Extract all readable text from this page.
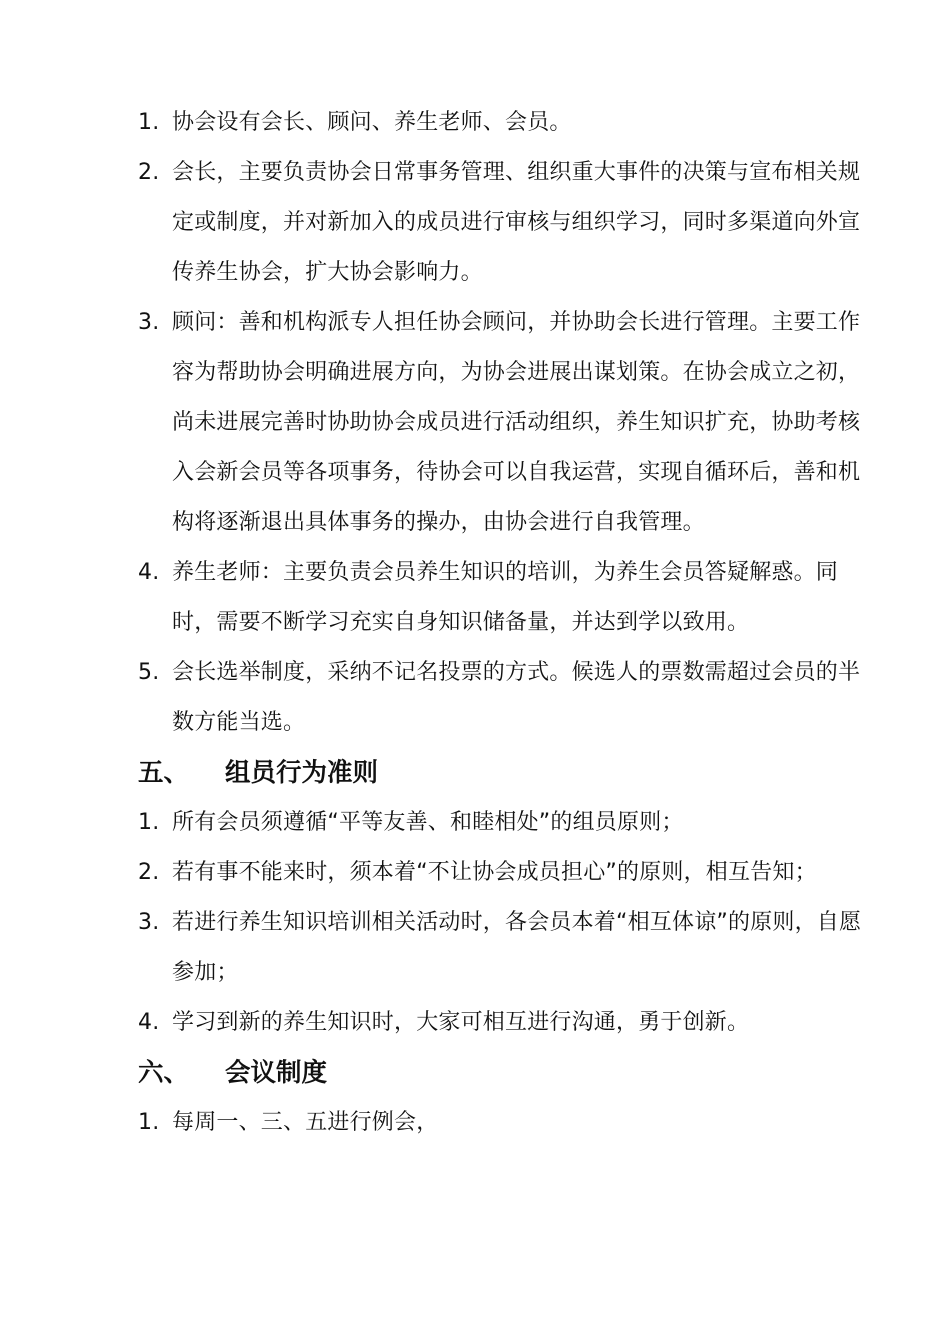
1. 协会设有会长、顾问、养生老师、会员。
2. 会长，主要负责协会日常事务管理、组织重大事件的决策与宣布相关规定或制度，并对新加入的成员进行审核与组织学习，同时多渠道向外宣传养生协会，扩大协会影响力。
3. 顾问：善和机构派专人担任协会顾问，并协助会长进行管理。主要工作容为帮助协会明确进展方向，为协会进展出谋划策。在协会成立之初，尚未进展完善时协助协会成员进行活动组织，养生知识扩充，协助考核入会新会员等各项事务，待协会可以自我运营，实现自循环后，善和机构将逐渐退出具体事务的操办，由协会进行自我管理。
4. 养生老师：主要负责会员养生知识的培训，为养生会员答疑解惑。同时，需要不断学习充实自身知识储备量，并达到学以致用。
5. 会长选举制度，采纳不记名投票的方式。候选人的票数需超过会员的半数方能当选。
五、 组员行为准则
1. 所有会员须遵循“平等友善、和睦相处”的组员原则；
2. 若有事不能来时，须本着“不让协会成员担心”的原则，相互告知；
3. 若进行养生知识培训相关活动时，各会员本着“相互体谅”的原则，自愿参加；
4. 学习到新的养生知识时，大家可相互进行沟通，勇于创新。
六、 会议制度
1. 每周一、三、五进行例会，
